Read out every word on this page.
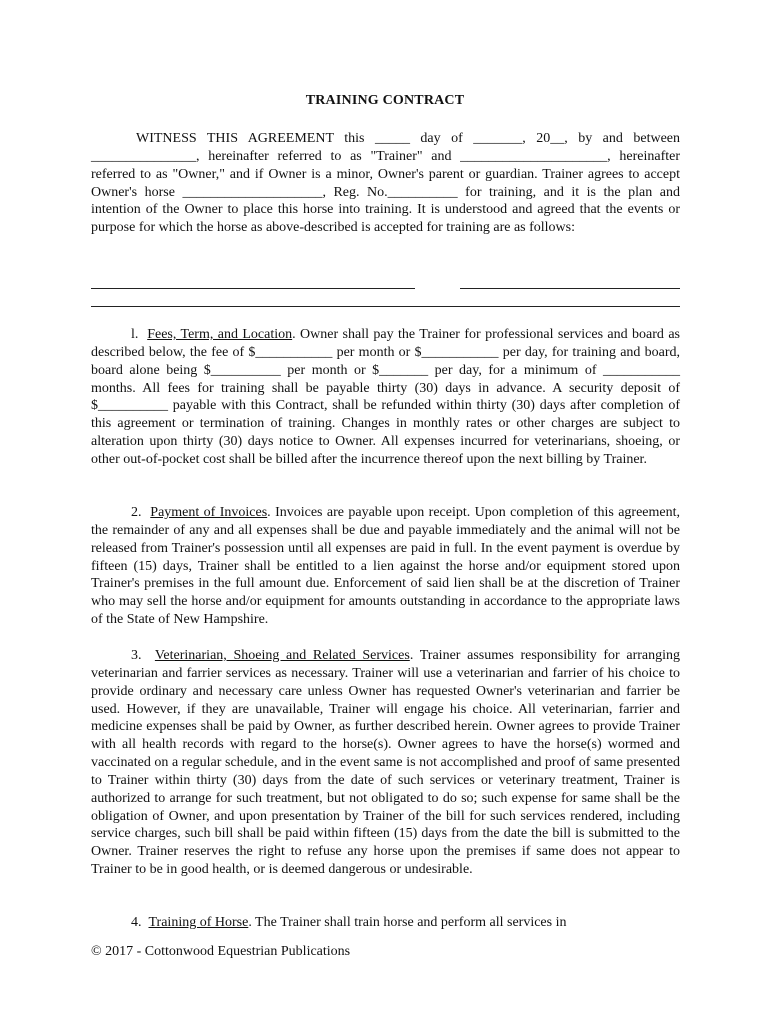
TRAINING CONTRACT
WITNESS THIS AGREEMENT this _____ day of _______, 20__, by and between _______________, hereinafter referred to as "Trainer" and _____________________, hereinafter referred to as "Owner," and if Owner is a minor, Owner's parent or guardian. Trainer agrees to accept Owner's horse ____________________, Reg. No.__________ for training, and it is the plan and intention of the Owner to place this horse into training. It is understood and agreed that the events or purpose for which the horse as above-described is accepted for training are as follows:
l. Fees, Term, and Location. Owner shall pay the Trainer for professional services and board as described below, the fee of $___________ per month or $___________ per day, for training and board, board alone being $__________ per month or $_______ per day, for a minimum of ___________ months. All fees for training shall be payable thirty (30) days in advance. A security deposit of $__________ payable with this Contract, shall be refunded within thirty (30) days after completion of this agreement or termination of training. Changes in monthly rates or other charges are subject to alteration upon thirty (30) days notice to Owner. All expenses incurred for veterinarians, shoeing, or other out-of-pocket cost shall be billed after the incurrence thereof upon the next billing by Trainer.
2. Payment of Invoices. Invoices are payable upon receipt. Upon completion of this agreement, the remainder of any and all expenses shall be due and payable immediately and the animal will not be released from Trainer's possession until all expenses are paid in full. In the event payment is overdue by fifteen (15) days, Trainer shall be entitled to a lien against the horse and/or equipment stored upon Trainer's premises in the full amount due. Enforcement of said lien shall be at the discretion of Trainer who may sell the horse and/or equipment for amounts outstanding in accordance to the appropriate laws of the State of New Hampshire.
3. Veterinarian, Shoeing and Related Services. Trainer assumes responsibility for arranging veterinarian and farrier services as necessary. Trainer will use a veterinarian and farrier of his choice to provide ordinary and necessary care unless Owner has requested Owner's veterinarian and farrier be used. However, if they are unavailable, Trainer will engage his choice. All veterinarian, farrier and medicine expenses shall be paid by Owner, as further described herein. Owner agrees to provide Trainer with all health records with regard to the horse(s). Owner agrees to have the horse(s) wormed and vaccinated on a regular schedule, and in the event same is not accomplished and proof of same presented to Trainer within thirty (30) days from the date of such services or veterinary treatment, Trainer is authorized to arrange for such treatment, but not obligated to do so; such expense for same shall be the obligation of Owner, and upon presentation by Trainer of the bill for such services rendered, including service charges, such bill shall be paid within fifteen (15) days from the date the bill is submitted to the Owner. Trainer reserves the right to refuse any horse upon the premises if same does not appear to Trainer to be in good health, or is deemed dangerous or undesirable.
4. Training of Horse. The Trainer shall train horse and perform all services in
© 2017 - Cottonwood Equestrian Publications
